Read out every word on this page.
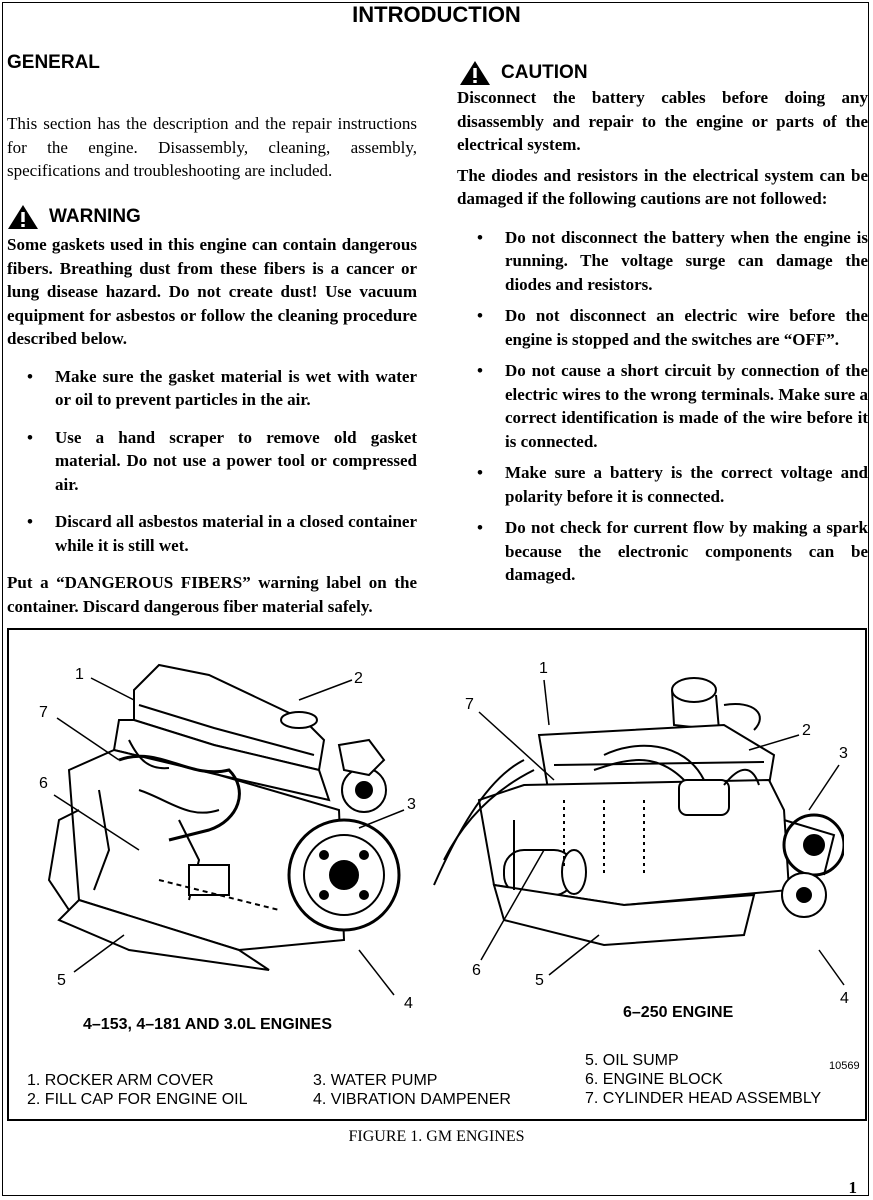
INTRODUCTION
GENERAL
This section has the description and the repair instructions for the engine. Disassembly, cleaning, assembly, specifications and troubleshooting are included.
WARNING
Some gaskets used in this engine can contain dangerous fibers. Breathing dust from these fibers is a cancer or lung disease hazard. Do not create dust! Use vacuum equipment for asbestos or follow the cleaning procedure described below.
• Make sure the gasket material is wet with water or oil to prevent particles in the air.
• Use a hand scraper to remove old gasket material. Do not use a power tool or compressed air.
• Discard all asbestos material in a closed container while it is still wet.
Put a “DANGEROUS FIBERS” warning label on the container. Discard dangerous fiber material safely.
CAUTION
Disconnect the battery cables before doing any disassembly and repair to the engine or parts of the electrical system.
The diodes and resistors in the electrical system can be damaged if the following cautions are not followed:
• Do not disconnect the battery when the engine is running. The voltage surge can damage the diodes and resistors.
• Do not disconnect an electric wire before the engine is stopped and the switches are “OFF”.
• Do not cause a short circuit by connection of the electric wires to the wrong terminals. Make sure a correct identification is made of the wire before it is connected.
• Make sure a battery is the correct voltage and polarity before it is connected.
• Do not check for current flow by making a spark because the electronic components can be damaged.
1	2
3
4
5
6
7
1
2
3
4
5
6
7
4–153, 4–181 AND 3.0L ENGINES
6–250 ENGINE
10569
1. ROCKER ARM COVER
2. FILL CAP FOR ENGINE OIL
3. WATER PUMP
4. VIBRATION DAMPENER
5. OIL SUMP
6. ENGINE BLOCK
7. CYLINDER HEAD ASSEMBLY
FIGURE 1. GM ENGINES
1
